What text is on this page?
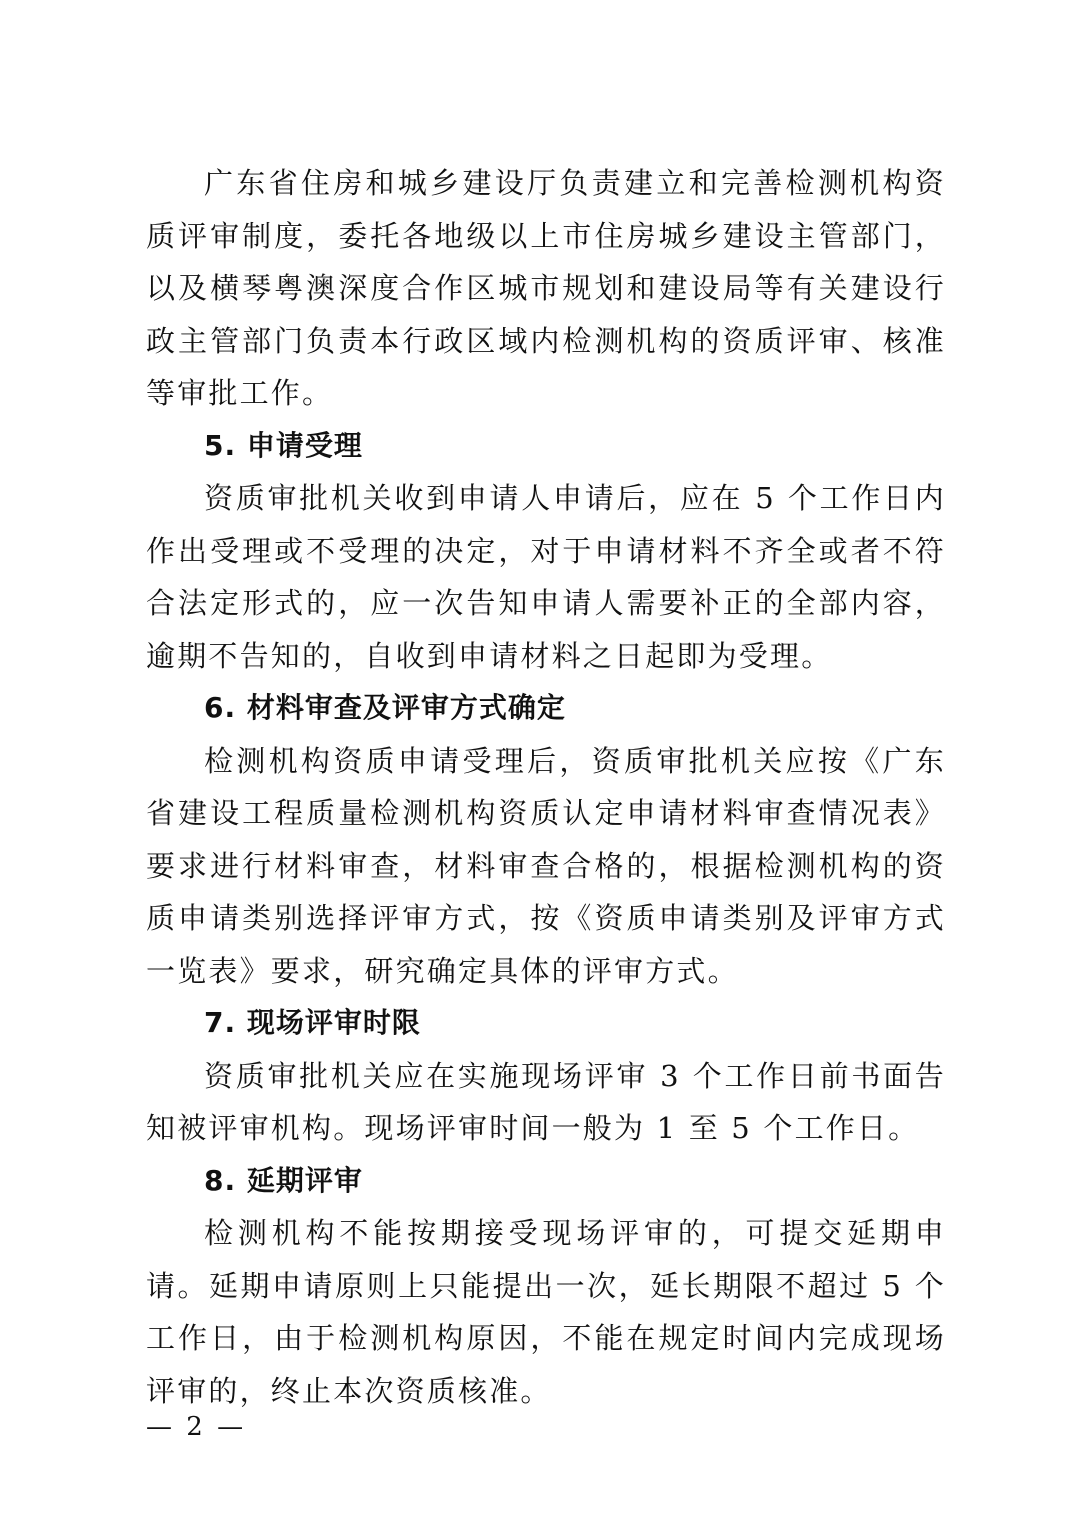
广东省住房和城乡建设厅负责建立和完善检测机构资质评审制度，委托各地级以上市住房城乡建设主管部门，以及横琴粤澳深度合作区城市规划和建设局等有关建设行政主管部门负责本行政区域内检测机构的资质评审、核准等审批工作。

5. 申请受理

资质审批机关收到申请人申请后，应在 5 个工作日内作出受理或不受理的决定，对于申请材料不齐全或者不符合法定形式的，应一次告知申请人需要补正的全部内容，逾期不告知的，自收到申请材料之日起即为受理。

6. 材料审查及评审方式确定

检测机构资质申请受理后，资质审批机关应按《广东省建设工程质量检测机构资质认定申请材料审查情况表》要求进行材料审查，材料审查合格的，根据检测机构的资质申请类别选择评审方式，按《资质申请类别及评审方式一览表》要求，研究确定具体的评审方式。

7. 现场评审时限

资质审批机关应在实施现场评审 3 个工作日前书面告知被评审机构。现场评审时间一般为 1 至 5 个工作日。

8. 延期评审

检测机构不能按期接受现场评审的，可提交延期申请。延期申请原则上只能提出一次，延长期限不超过 5 个工作日，由于检测机构原因，不能在规定时间内完成现场评审的，终止本次资质核准。

— 2 —
